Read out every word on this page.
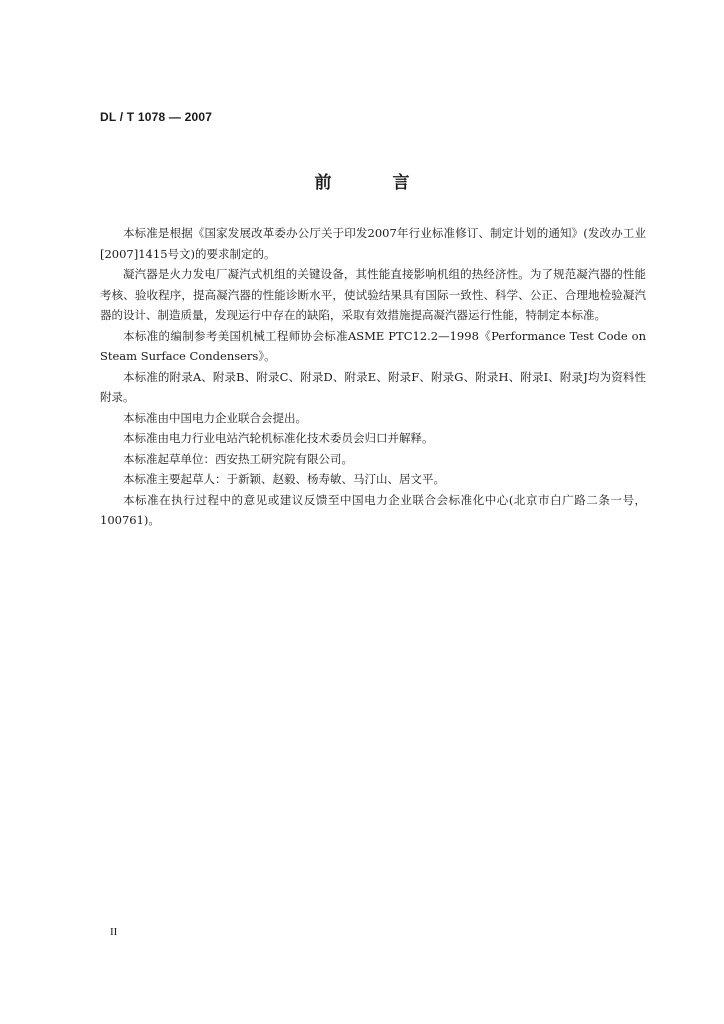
DL / T 1078 — 2007
前　言

本标准是根据《国家发展改革委办公厅关于印发2007年行业标准修订、制定计划的通知》(发改办工业[2007]1415号文)的要求制定的。

凝汽器是火力发电厂凝汽式机组的关键设备，其性能直接影响机组的热经济性。为了规范凝汽器的性能考核、验收程序，提高凝汽器的性能诊断水平，使试验结果具有国际一致性、科学、公正、合理地检验凝汽器的设计、制造质量，发现运行中存在的缺陷，采取有效措施提高凝汽器运行性能，特制定本标准。

本标准的编制参考美国机械工程师协会标准ASME PTC12.2—1998《Performance Test Code on Steam Surface Condensers》。

本标准的附录A、附录B、附录C、附录D、附录E、附录F、附录G、附录H、附录I、附录J均为资料性附录。

本标准由中国电力企业联合会提出。

本标准由电力行业电站汽轮机标准化技术委员会归口并解释。

本标准起草单位：西安热工研究院有限公司。

本标准主要起草人：于新颖、赵毅、杨寿敏、马汀山、居文平。

本标准在执行过程中的意见或建议反馈至中国电力企业联合会标准化中心(北京市白广路二条一号，100761)。

II
